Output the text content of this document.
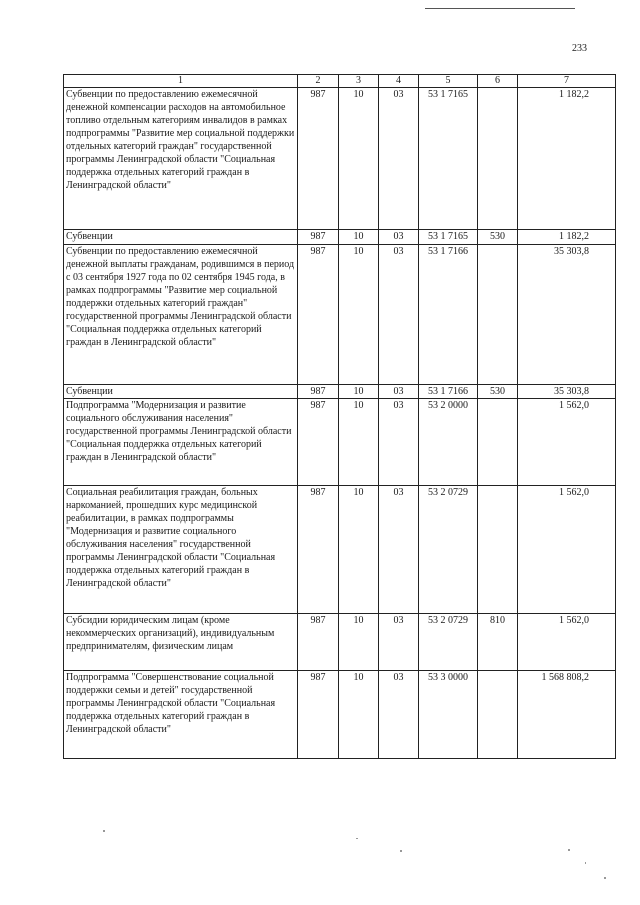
233
1	2	3	4	5	6	7
Субвенции по предоставлению ежемесячной денежной компенсации расходов на автомобильное топливо отдельным категориям инвалидов в рамках подпрограммы "Развитие мер социальной поддержки отдельных категорий граждан" государственной программы Ленинградской области "Социальная поддержка отдельных категорий граждан в Ленинградской области"	987	10	03	53 1 7165		1 182,2
Субвенции	987	10	03	53 1 7165	530	1 182,2
Субвенции по предоставлению ежемесячной денежной выплаты гражданам, родившимся в период с 03 сентября 1927 года по 02 сентября 1945 года, в рамках подпрограммы "Развитие мер социальной поддержки отдельных категорий граждан" государственной программы Ленинградской области "Социальная поддержка отдельных категорий граждан в Ленинградской области"	987	10	03	53 1 7166		35 303,8
Субвенции	987	10	03	53 1 7166	530	35 303,8
Подпрограмма "Модернизация и развитие социального обслуживания населения" государственной программы Ленинградской области "Социальная поддержка отдельных категорий граждан в Ленинградской области"	987	10	03	53 2 0000		1 562,0
Социальная реабилитация граждан, больных наркоманией, прошедших курс медицинской реабилитации, в рамках подпрограммы "Модернизация и развитие социального обслуживания населения" государственной программы Ленинградской области "Социальная поддержка отдельных категорий граждан в Ленинградской области"	987	10	03	53 2 0729		1 562,0
Субсидии юридическим лицам (кроме некоммерческих организаций), индивидуальным предпринимателям, физическим лицам	987	10	03	53 2 0729	810	1 562,0
Подпрограмма "Совершенствование социальной поддержки семьи и детей" государственной программы Ленинградской области "Социальная поддержка отдельных категорий граждан в Ленинградской области"	987	10	03	53 3 0000		1 568 808,2
